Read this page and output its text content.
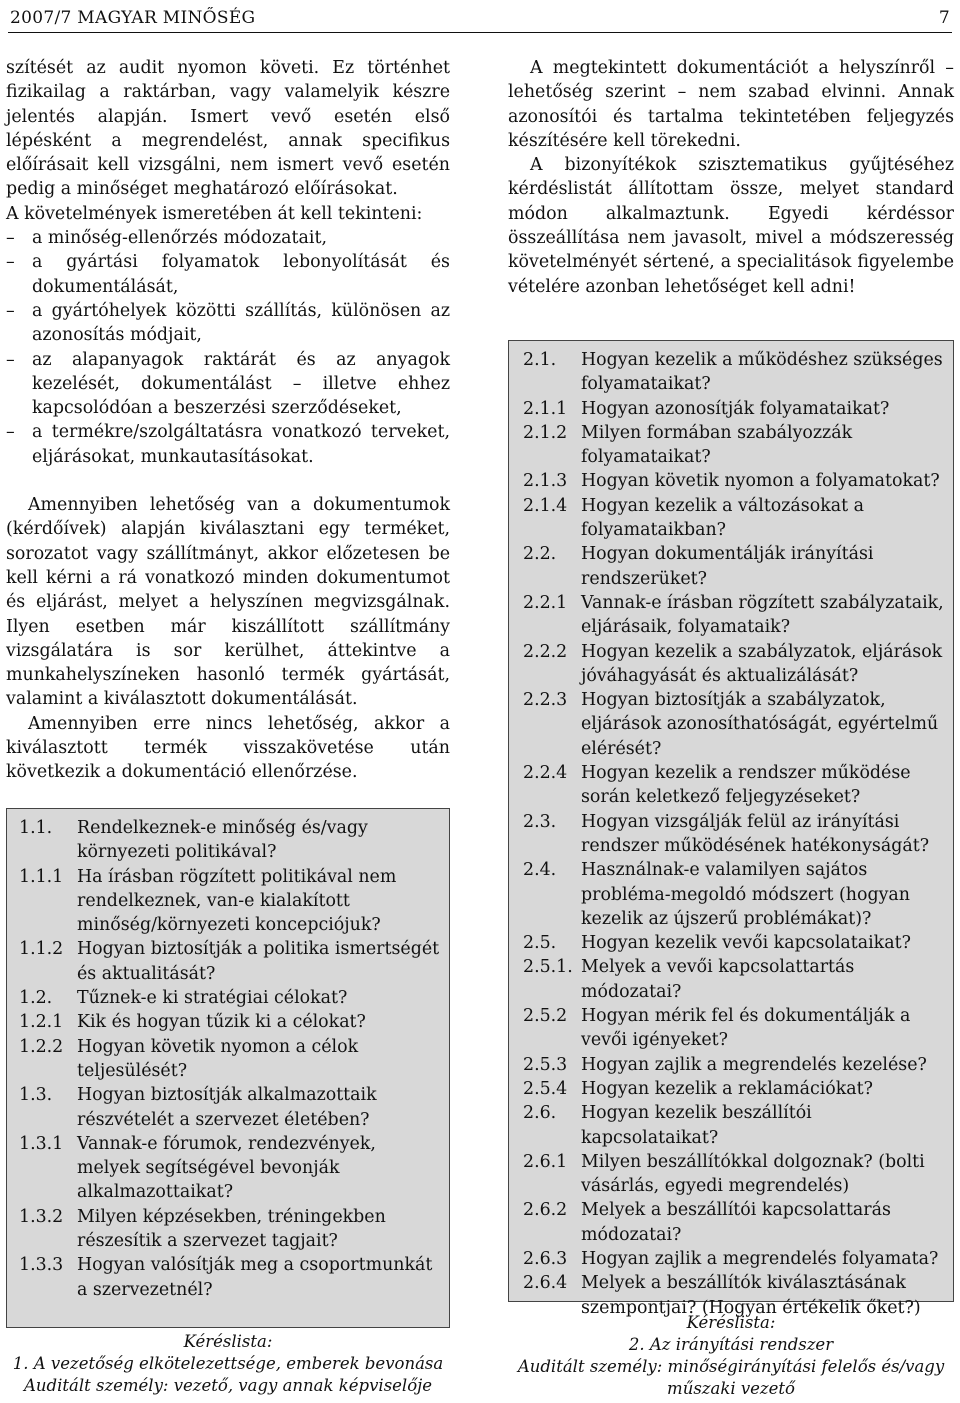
2007/7 MAGYAR MINŐSÉG	7

szítését az audit nyomon követi. Ez történhet fizikailag a raktárban, vagy valamelyik készre jelentés alapján. Ismert vevő esetén első lépésként a megrendelést, annak specifikus előírásait kell vizsgálni, nem ismert vevő esetén pedig a minőséget meghatározó előírásokat.

A követelmények ismeretében át kell tekinteni:

– a minőség-ellenőrzés módozatait,

– a gyártási folyamatok lebonyolítását és dokumentálását,

– a gyártóhelyek közötti szállítás, különösen az azonosítás módjait,

– az alapanyagok raktárát és az anyagok kezelését, dokumentálást – illetve ehhez kapcsolódóan a beszerzési szerződéseket,

– a termékre/szolgáltatásra vonatkozó terveket, eljárásokat, munkautasításokat.

Amennyiben lehetőség van a dokumentumok (kérdőívek) alapján kiválasztani egy terméket, sorozatot vagy szállítmányt, akkor előzetesen be kell kérni a rá vonatkozó minden dokumentumot és eljárást, melyet a helyszínen megvizsgálnak. Ilyen esetben már kiszállított szállítmány vizsgálatára is sor kerülhet, áttekintve a munkahelyszíneken hasonló termék gyártását, valamint a kiválasztott dokumentálását.

Amennyiben erre nincs lehetőség, akkor a kiválasztott termék visszakövetése után következik a dokumentáció ellenőrzése.

A megtekintett dokumentációt a helyszínről – lehetőség szerint – nem szabad elvinni. Annak azonosítói és tartalma tekintetében feljegyzés készítésére kell törekedni.

A bizonyítékok szisztematikus gyűjtéséhez kérdéslistát állítottam össze, melyet standard módon alkalmaztunk. Egyedi kérdéssor összeállítása nem javasolt, mivel a módszeresség követelményét sértené, a specialitások figyelembe vételére azonban lehetőséget kell adni!

1.1.	Rendelkeznek-e minőség és/vagy környezeti politikával?
1.1.1 Ha írásban rögzített politikával nem rendelkeznek, van-e kialakított minőség/környezeti koncepciójuk?
1.1.2 Hogyan biztosítják a politika ismertségét és aktualitását?
1.2.	Tűznek-e ki stratégiai célokat?
1.2.1 Kik és hogyan tűzik ki a célokat?
1.2.2 Hogyan követik nyomon a célok teljesülését?
1.3.	Hogyan biztosítják alkalmazottaik részvételét a szervezet életében?
1.3.1 Vannak-e fórumok, rendezvények, melyek segítségével bevonják alkalmazottaikat?
1.3.2 Milyen képzésekben, tréningekben részesítik a szervezet tagjait?
1.3.3 Hogyan valósítják meg a csoportmunkát a szervezetnél?
Kéréslista:
1. A vezetőség elkötelezettsége, emberek bevonása
Auditált személy: vezető, vagy annak képviselője
2.1.	Hogyan kezelik a működéshez szükséges folyamataikat?
2.1.1 Hogyan azonosítják folyamataikat?
2.1.2 Milyen formában szabályozzák folyamataikat?
2.1.3 Hogyan követik nyomon a folyamatokat?
2.1.4 Hogyan kezelik a változásokat a folyamataikban?
2.2.	Hogyan dokumentálják irányítási rendszerüket?
2.2.1 Vannak-e írásban rögzített szabályzataik, eljárásaik, folyamataik?
2.2.2 Hogyan kezelik a szabályzatok, eljárások jóváhagyását és aktualizálását?
2.2.3 Hogyan biztosítják a szabályzatok, eljárások azonosíthatóságát, egyértelmű elérését?
2.2.4 Hogyan kezelik a rendszer működése során keletkező feljegyzéseket?
2.3.	Hogyan vizsgálják felül az irányítási rendszer működésének hatékonyságát?
2.4.	Használnak-e valamilyen sajátos probléma-megoldó módszert (hogyan kezelik az újszerű problémákat)?
2.5.	Hogyan kezelik vevői kapcsolataikat?
2.5.1. Melyek a vevői kapcsolattartás módozatai?
2.5.2 Hogyan mérik fel és dokumentálják a vevői igényeket?
2.5.3 Hogyan zajlik a megrendelés kezelése?
2.5.4 Hogyan kezelik a reklamációkat?
2.6.	Hogyan kezelik beszállítói kapcsolataikat?
2.6.1 Milyen beszállítókkal dolgoznak? (bolti vásárlás, egyedi megrendelés)
2.6.2 Melyek a beszállítói kapcsolattarás módozatai?
2.6.3 Hogyan zajlik a megrendelés folyamata?
2.6.4 Melyek a beszállítók kiválasztásának szempontjai? (Hogyan értékelik őket?)
Kéréslista:
2. Az irányítási rendszer
Auditált személy: minőségirányítási felelős és/vagy műszaki vezető
